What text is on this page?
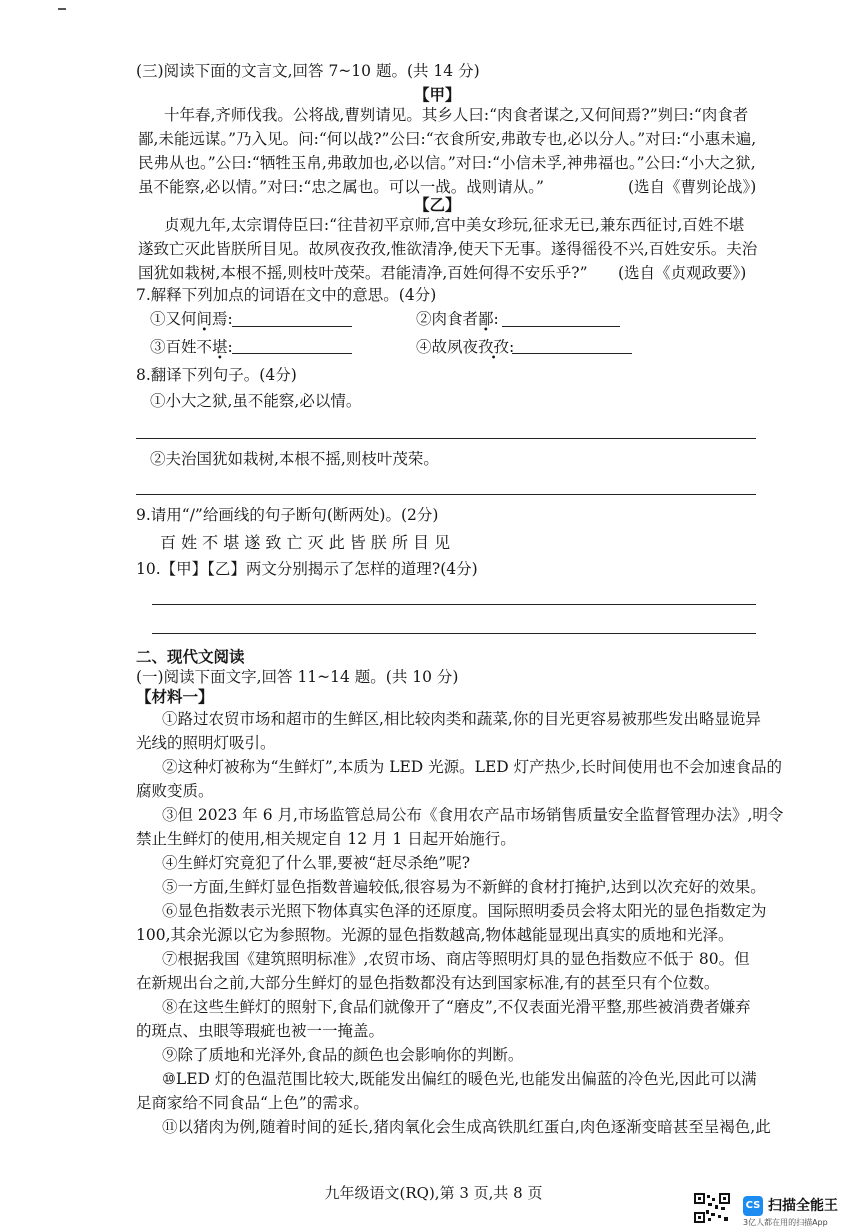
(三)阅读下面的文言文,回答 7~10 题。(共 14 分)
【甲】
十年春,齐师伐我。公将战,曹刿请见。其乡人曰:“肉食者谋之,又何间焉?”刿曰:“肉食者
鄙,未能远谋。”乃入见。问:“何以战?”公曰:“衣食所安,弗敢专也,必以分人。”对曰:“小惠未遍,
民弗从也。”公曰:“牺牲玉帛,弗敢加也,必以信。”对曰:“小信未孚,神弗福也。”公曰:“小大之狱,
虽不能察,必以情。”对曰:“忠之属也。可以一战。战则请从。”	(选自《曹刿论战》)
【乙】
贞观九年,太宗谓侍臣曰:“往昔初平京师,宫中美女珍玩,征求无已,兼东西征讨,百姓不堪
遂致亡灭此皆朕所目见。故夙夜孜孜,惟欲清净,使天下无事。遂得徭役不兴,百姓安乐。夫治
国犹如栽树,本根不摇,则枝叶茂荣。君能清净,百姓何得不安乐乎?” (选自《贞观政要》)
7.解释下列加点的词语在文中的意思。(4分)
①又何间焉:	②肉食者鄙:
③百姓不堪:	④故夙夜孜孜:
8.翻译下列句子。(4分)
①小大之狱,虽不能察,必以情。
②夫治国犹如栽树,本根不摇,则枝叶茂荣。
9.请用“/”给画线的句子断句(断两处)。(2分)
百 姓 不 堪 遂 致 亡 灭 此 皆 朕 所 目 见
10.【甲】【乙】两文分别揭示了怎样的道理?(4分)
二、现代文阅读
(一)阅读下面文字,回答 11~14 题。(共 10 分)
【材料一】
①路过农贸市场和超市的生鲜区,相比较肉类和蔬菜,你的目光更容易被那些发出略显诡异
光线的照明灯吸引。
②这种灯被称为“生鲜灯”,本质为 LED 光源。LED 灯产热少,长时间使用也不会加速食品的
腐败变质。
③但 2023 年 6 月,市场监管总局公布《食用农产品市场销售质量安全监督管理办法》,明令
禁止生鲜灯的使用,相关规定自 12 月 1 日起开始施行。
④生鲜灯究竟犯了什么罪,要被“赶尽杀绝”呢?
⑤一方面,生鲜灯显色指数普遍较低,很容易为不新鲜的食材打掩护,达到以次充好的效果。
⑥显色指数表示光照下物体真实色泽的还原度。国际照明委员会将太阳光的显色指数定为
100,其余光源以它为参照物。光源的显色指数越高,物体越能显现出真实的质地和光泽。
⑦根据我国《建筑照明标准》,农贸市场、商店等照明灯具的显色指数应不低于 80。但
在新规出台之前,大部分生鲜灯的显色指数都没有达到国家标准,有的甚至只有个位数。
⑧在这些生鲜灯的照射下,食品们就像开了“磨皮”,不仅表面光滑平整,那些被消费者嫌弃
的斑点、虫眼等瑕疵也被一一掩盖。
⑨除了质地和光泽外,食品的颜色也会影响你的判断。
⑩LED 灯的色温范围比较大,既能发出偏红的暖色光,也能发出偏蓝的冷色光,因此可以满
足商家给不同食品“上色”的需求。
⑪以猪肉为例,随着时间的延长,猪肉氧化会生成高铁肌红蛋白,肉色逐渐变暗甚至呈褐色,此
九年级语文(RQ),第 3 页,共 8 页
CS 扫描全能王
3亿人都在用的扫描App
